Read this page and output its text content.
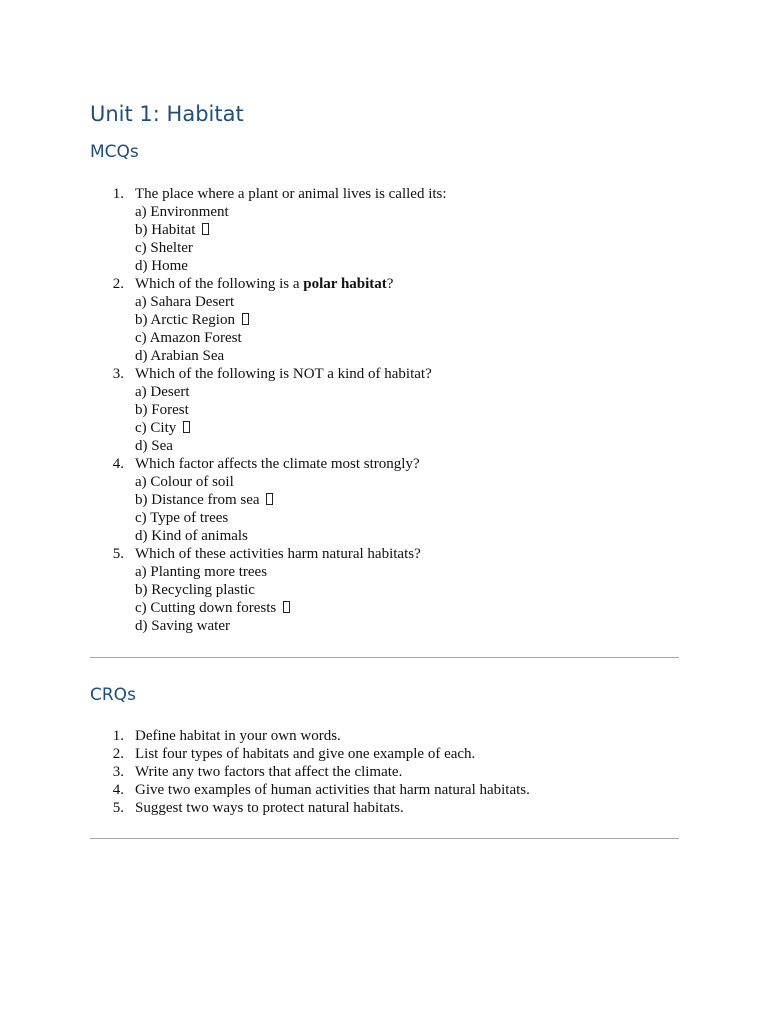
Unit 1: Habitat
MCQs
1. The place where a plant or animal lives is called its:
a) Environment
b) Habitat
c) Shelter
d) Home
2. Which of the following is a polar habitat?
a) Sahara Desert
b) Arctic Region
c) Amazon Forest
d) Arabian Sea
3. Which of the following is NOT a kind of habitat?
a) Desert
b) Forest
c) City
d) Sea
4. Which factor affects the climate most strongly?
a) Colour of soil
b) Distance from sea
c) Type of trees
d) Kind of animals
5. Which of these activities harm natural habitats?
a) Planting more trees
b) Recycling plastic
c) Cutting down forests
d) Saving water
CRQs
1. Define habitat in your own words.
2. List four types of habitats and give one example of each.
3. Write any two factors that affect the climate.
4. Give two examples of human activities that harm natural habitats.
5. Suggest two ways to protect natural habitats.
